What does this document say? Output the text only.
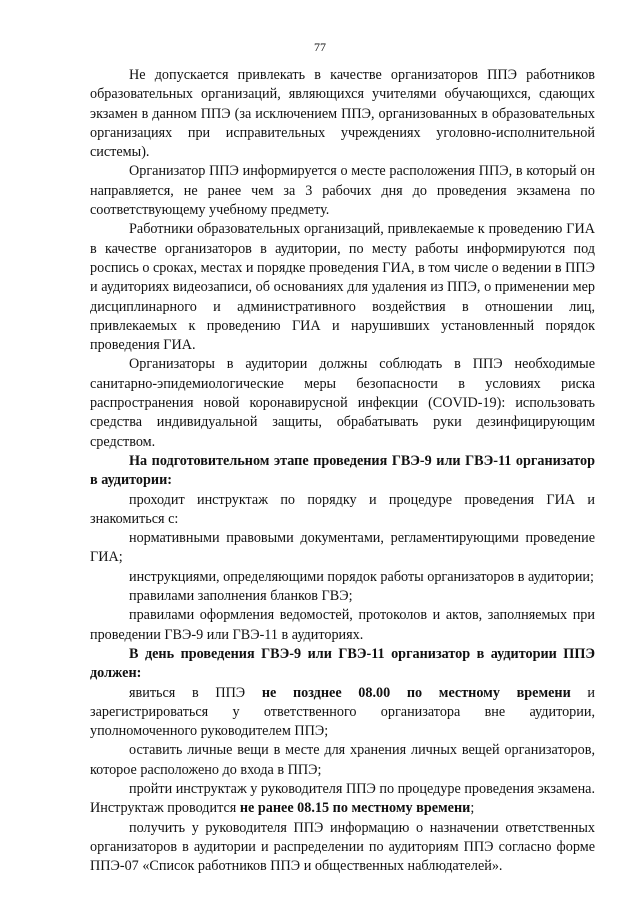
77

Не допускается привлекать в качестве организаторов ППЭ работников образовательных организаций, являющихся учителями обучающихся, сдающих экзамен в данном ППЭ (за исключением ППЭ, организованных в образовательных организациях при исправительных учреждениях уголовно-исполнительной системы).

Организатор ППЭ информируется о месте расположения ППЭ, в который он направляется, не ранее чем за 3 рабочих дня до проведения экзамена по соответствующему учебному предмету.

Работники образовательных организаций, привлекаемые к проведению ГИА в качестве организаторов в аудитории, по месту работы информируются под роспись о сроках, местах и порядке проведения ГИА, в том числе о ведении в ППЭ и аудиториях видеозаписи, об основаниях для удаления из ППЭ, о применении мер дисциплинарного и административного воздействия в отношении лиц, привлекаемых к проведению ГИА и нарушивших установленный порядок проведения ГИА.

Организаторы в аудитории должны соблюдать в ППЭ необходимые санитарно-эпидемиологические меры безопасности в условиях риска распространения новой коронавирусной инфекции (COVID-19): использовать средства индивидуальной защиты, обрабатывать руки дезинфицирующим средством.

На подготовительном этапе проведения ГВЭ-9 или ГВЭ-11 организатор в аудитории:

проходит инструктаж по порядку и процедуре проведения ГИА и знакомиться с:

нормативными правовыми документами, регламентирующими проведение ГИА;

инструкциями, определяющими порядок работы организаторов в аудитории;

правилами заполнения бланков ГВЭ;

правилами оформления ведомостей, протоколов и актов, заполняемых при проведении ГВЭ-9 или ГВЭ-11 в аудиториях.

В день проведения ГВЭ-9 или ГВЭ-11 организатор в аудитории ППЭ должен:

явиться в ППЭ не позднее 08.00 по местному времени и зарегистрироваться у ответственного организатора вне аудитории, уполномоченного руководителем ППЭ;

оставить личные вещи в месте для хранения личных вещей организаторов, которое расположено до входа в ППЭ;

пройти инструктаж у руководителя ППЭ по процедуре проведения экзамена. Инструктаж проводится не ранее 08.15 по местному времени;

получить у руководителя ППЭ информацию о назначении ответственных организаторов в аудитории и распределении по аудиториям ППЭ согласно форме ППЭ-07 «Список работников ППЭ и общественных наблюдателей».
